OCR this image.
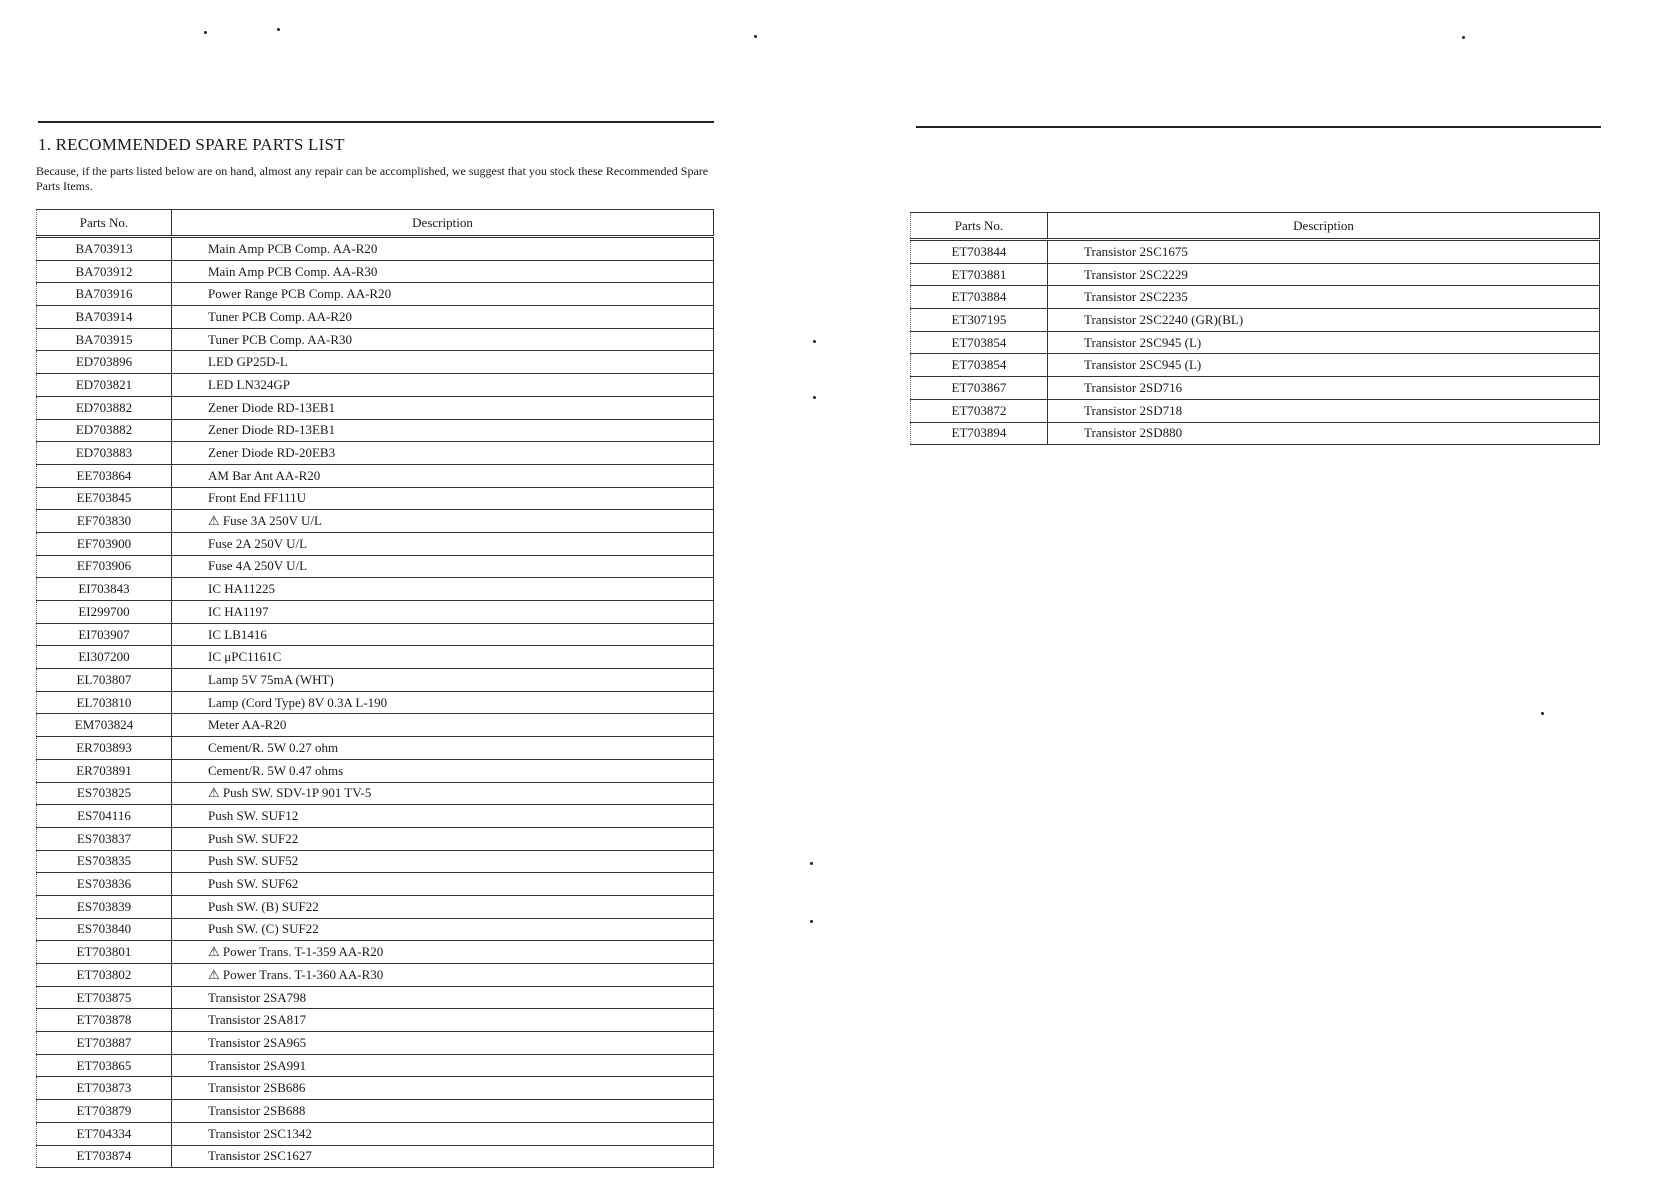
1. RECOMMENDED SPARE PARTS LIST

Because, if the parts listed below are on hand, almost any repair can be accomplished, we suggest that you stock these Recommended Spare Parts Items.

Parts No.	Description
BA703913	Main Amp PCB Comp. AA-R20
BA703912	Main Amp PCB Comp. AA-R30
BA703916	Power Range PCB Comp. AA-R20
BA703914	Tuner PCB Comp. AA-R20
BA703915	Tuner PCB Comp. AA-R30
ED703896	LED GP25D-L
ED703821	LED LN324GP
ED703882	Zener Diode RD-13EB1
ED703882	Zener Diode RD-13EB1
ED703883	Zener Diode RD-20EB3
EE703864	AM Bar Ant AA-R20
EE703845	Front End FF111U
EF703830	⚠ Fuse 3A 250V U/L
EF703900	Fuse 2A 250V U/L
EF703906	Fuse 4A 250V U/L
EI703843	IC HA11225
EI299700	IC HA1197
EI703907	IC LB1416
EI307200	IC μPC1161C
EL703807	Lamp 5V 75mA (WHT)
EL703810	Lamp (Cord Type) 8V 0.3A L-190
EM703824	Meter AA-R20
ER703893	Cement/R. 5W 0.27 ohm
ER703891	Cement/R. 5W 0.47 ohms
ES703825	⚠ Push SW. SDV-1P 901 TV-5
ES704116	Push SW. SUF12
ES703837	Push SW. SUF22
ES703835	Push SW. SUF52
ES703836	Push SW. SUF62
ES703839	Push SW. (B) SUF22
ES703840	Push SW. (C) SUF22
ET703801	⚠ Power Trans. T-1-359 AA-R20
ET703802	⚠ Power Trans. T-1-360 AA-R30
ET703875	Transistor 2SA798
ET703878	Transistor 2SA817
ET703887	Transistor 2SA965
ET703865	Transistor 2SA991
ET703873	Transistor 2SB686
ET703879	Transistor 2SB688
ET704334	Transistor 2SC1342
ET703874	Transistor 2SC1627
Parts No.	Description
ET703844	Transistor 2SC1675
ET703881	Transistor 2SC2229
ET703884	Transistor 2SC2235
ET307195	Transistor 2SC2240 (GR)(BL)
ET703854	Transistor 2SC945 (L)
ET703854	Transistor 2SC945 (L)
ET703867	Transistor 2SD716
ET703872	Transistor 2SD718
ET703894	Transistor 2SD880
